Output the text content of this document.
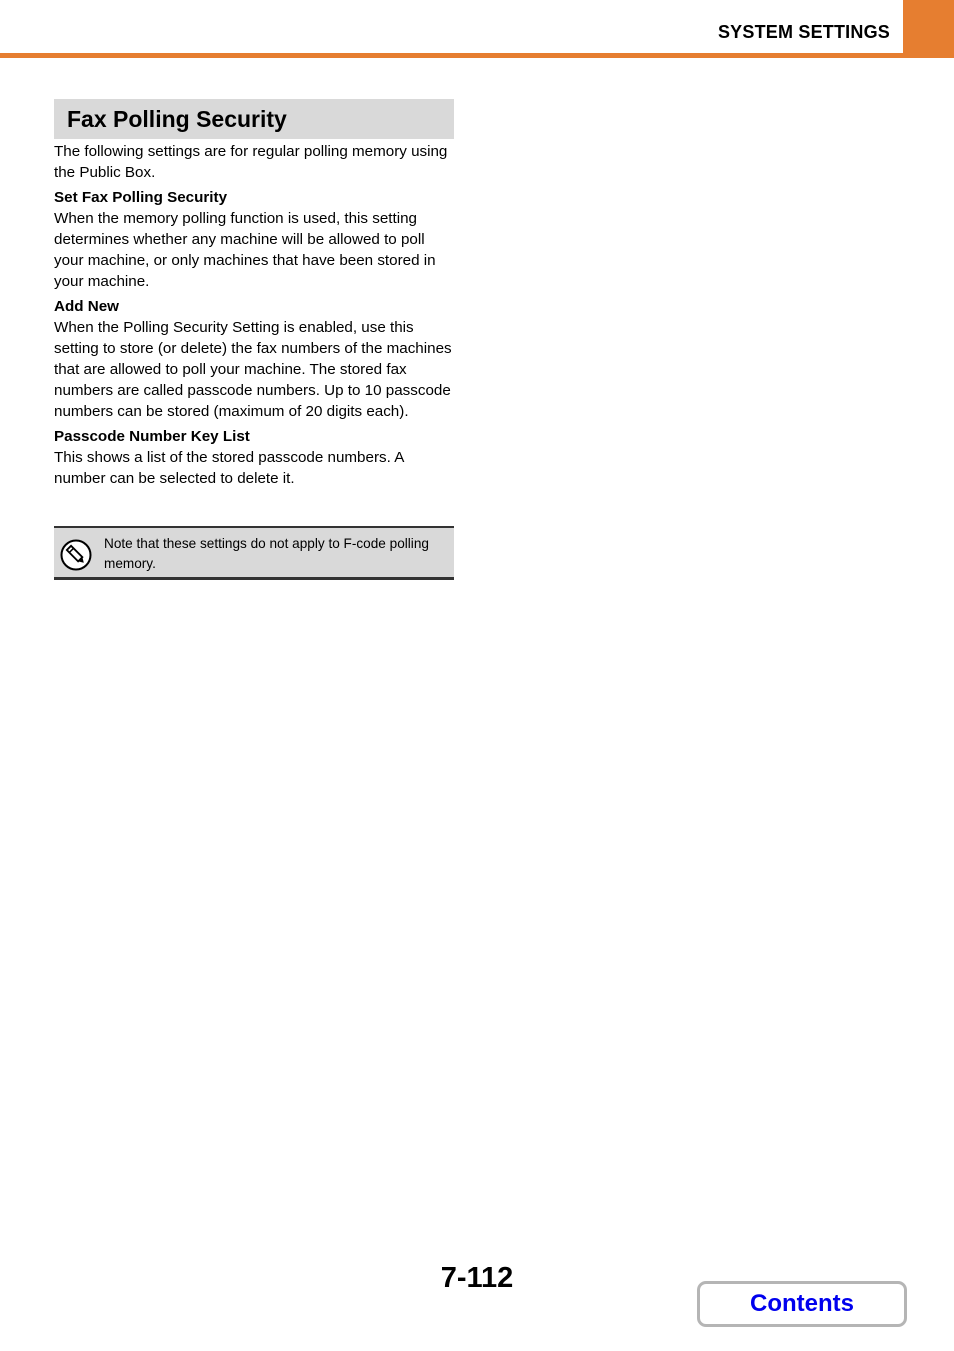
SYSTEM SETTINGS
Fax Polling Security

The following settings are for regular polling memory using the Public Box.

Set Fax Polling Security

When the memory polling function is used, this setting determines whether any machine will be allowed to poll your machine, or only machines that have been stored in your machine.

Add New

When the Polling Security Setting is enabled, use this setting to store (or delete) the fax numbers of the machines that are allowed to poll your machine. The stored fax numbers are called passcode numbers. Up to 10 passcode numbers can be stored (maximum of 20 digits each).

Passcode Number Key List

This shows a list of the stored passcode numbers. A number can be selected to delete it.

Note that these settings do not apply to F-code polling memory.
7-112
Contents
